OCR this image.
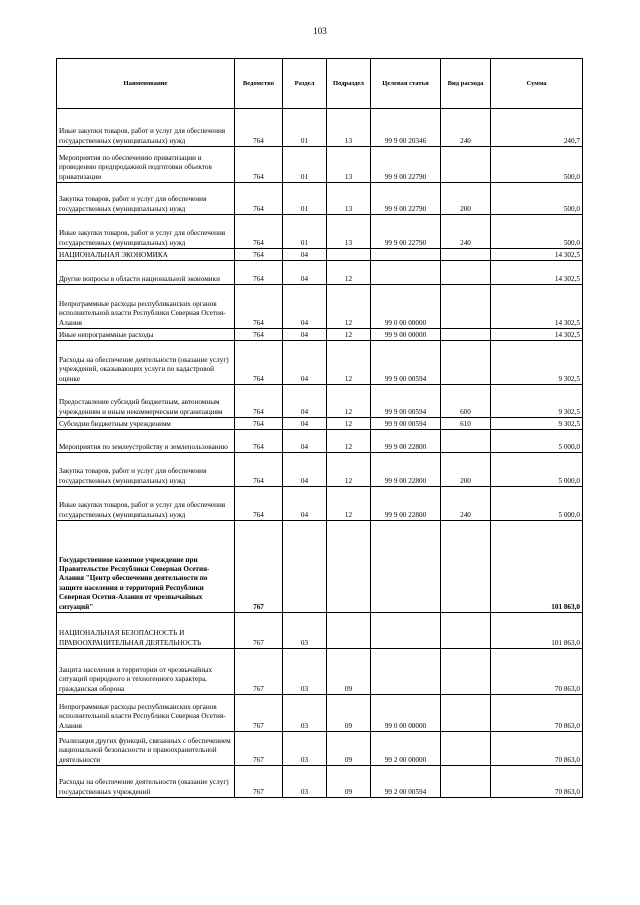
103
Наименование	Ведомство	Раздел	Подраздел	Целевая статья	Вид расхода	Сумма
Иные закупки товаров, работ и услуг для обеспечения государственных (муниципальных) нужд	764	01	13	99 9 00 20346	240	240,7
Мероприятия по обеспечению приватизации и проведению предпродажной подготовки объектов приватизации	764	01	13	99 9 00 22790		500,0
Закупка товаров, работ и услуг для обеспечения государственных (муниципальных) нужд	764	01	13	99 9 00 22790	200	500,0
Иные закупки товаров, работ и услуг для обеспечения государственных (муниципальных) нужд	764	01	13	99 9 00 22790	240	500,0
НАЦИОНАЛЬНАЯ ЭКОНОМИКА	764	04				14 302,5
Другие вопросы в области национальной экономики	764	04	12			14 302,5
Непрограммные расходы республиканских органов исполнительной власти Республики Северная Осетия-Алания	764	04	12	99 0 00 00000		14 302,5
Иные непрограммные расходы	764	04	12	99 9 00 00000		14 302,5
Расходы на обеспечение деятельности (оказание услуг) учреждений, оказывающих услуги по кадастровой оценке	764	04	12	99 9 00 00594		9 302,5
Предоставление субсидий бюджетным, автономным учреждениям и иным некоммерческим организациям	764	04	12	99 9 00 00594	600	9 302,5
Субсидии бюджетным учреждениям	764	04	12	99 9 00 00594	610	9 302,5
Мероприятия по землеустройству и землепользованию	764	04	12	99 9 00 22800		5 000,0
Закупка товаров, работ и услуг для обеспечения государственных (муниципальных) нужд	764	04	12	99 9 00 22800	200	5 000,0
Иные закупки товаров, работ и услуг для обеспечения государственных (муниципальных) нужд	764	04	12	99 9 00 22800	240	5 000,0
Государственное казенное учреждение при Правительстве Республики Северная Осетия-Алания "Центр обеспечения деятельности по защите населения и территорий Республики Северная Осетия-Алания от чрезвычайных ситуаций"	767					101 863,0
НАЦИОНАЛЬНАЯ БЕЗОПАСНОСТЬ И ПРАВООХРАНИТЕЛЬНАЯ ДЕЯТЕЛЬНОСТЬ	767	03				101 863,0
Защита населения и территории от чрезвычайных ситуаций природного и техногенного характера, гражданская оборона	767	03	09			70 863,0
Непрограммные расходы республиканских органов исполнительной власти Республики Северная Осетия-Алания	767	03	09	99 0 00 00000		70 863,0
Реализация других функций, связанных с обеспечением национальной безопасности и правоохранительной деятельности	767	03	09	99 2 00 00000		70 863,0
Расходы на обеспечение деятельности (оказание услуг) государственных учреждений	767	03	09	99 2 00 00594		70 863,0
